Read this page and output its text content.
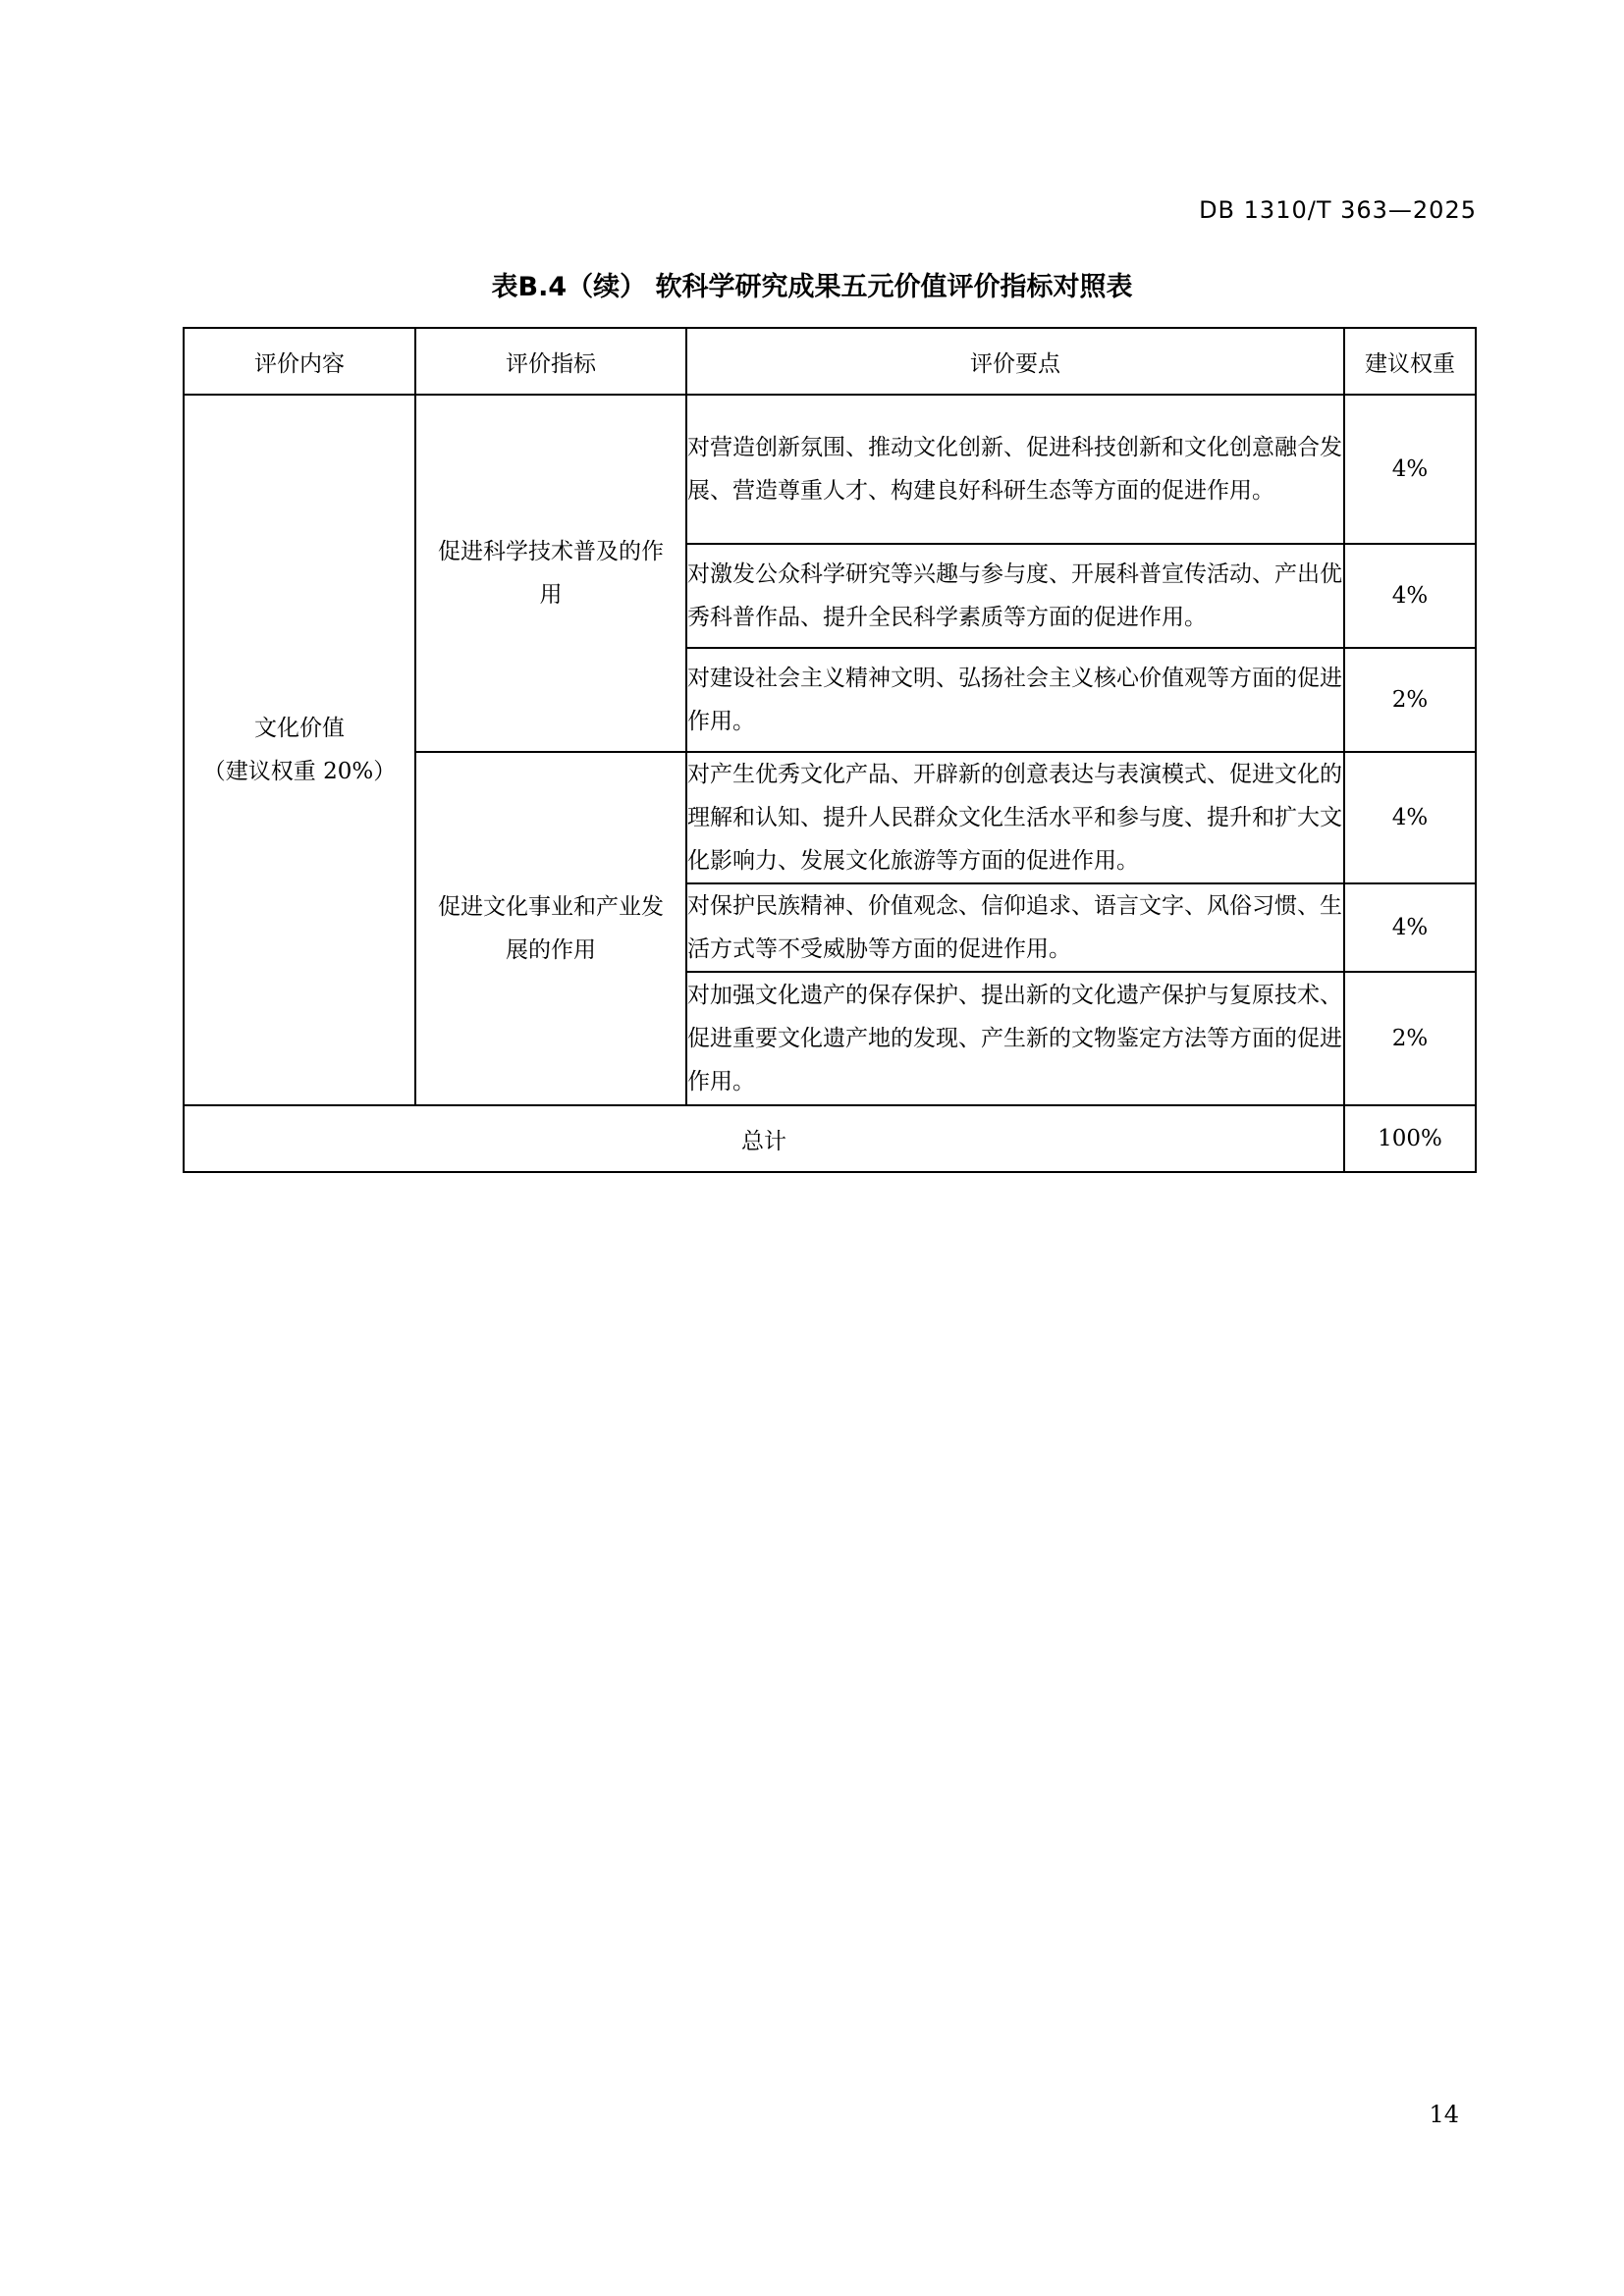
DB 1310/T 363—2025
表B.4（续） 软科学研究成果五元价值评价指标对照表
评价内容	评价指标	评价要点	建议权重

文化价值
（建议权重 20%）	促进科学技术普及的作用	对营造创新氛围、推动文化创新、促进科技创新和文化创意融合发展、营造尊重人才、构建良好科研生态等方面的促进作用。	4%
		对激发公众科学研究等兴趣与参与度、开展科普宣传活动、产出优秀科普作品、提升全民科学素质等方面的促进作用。	4%
		对建设社会主义精神文明、弘扬社会主义核心价值观等方面的促进作用。	2%

	促进文化事业和产业发展的作用	对产生优秀文化产品、开辟新的创意表达与表演模式、促进文化的理解和认知、提升人民群众文化生活水平和参与度、提升和扩大文化影响力、发展文化旅游等方面的促进作用。	4%
		对保护民族精神、价值观念、信仰追求、语言文字、风俗习惯、生活方式等不受威胁等方面的促进作用。	4%
		对加强文化遗产的保存保护、提出新的文化遗产保护与复原技术、促进重要文化遗产地的发现、产生新的文物鉴定方法等方面的促进作用。	2%
总计			100%
14
